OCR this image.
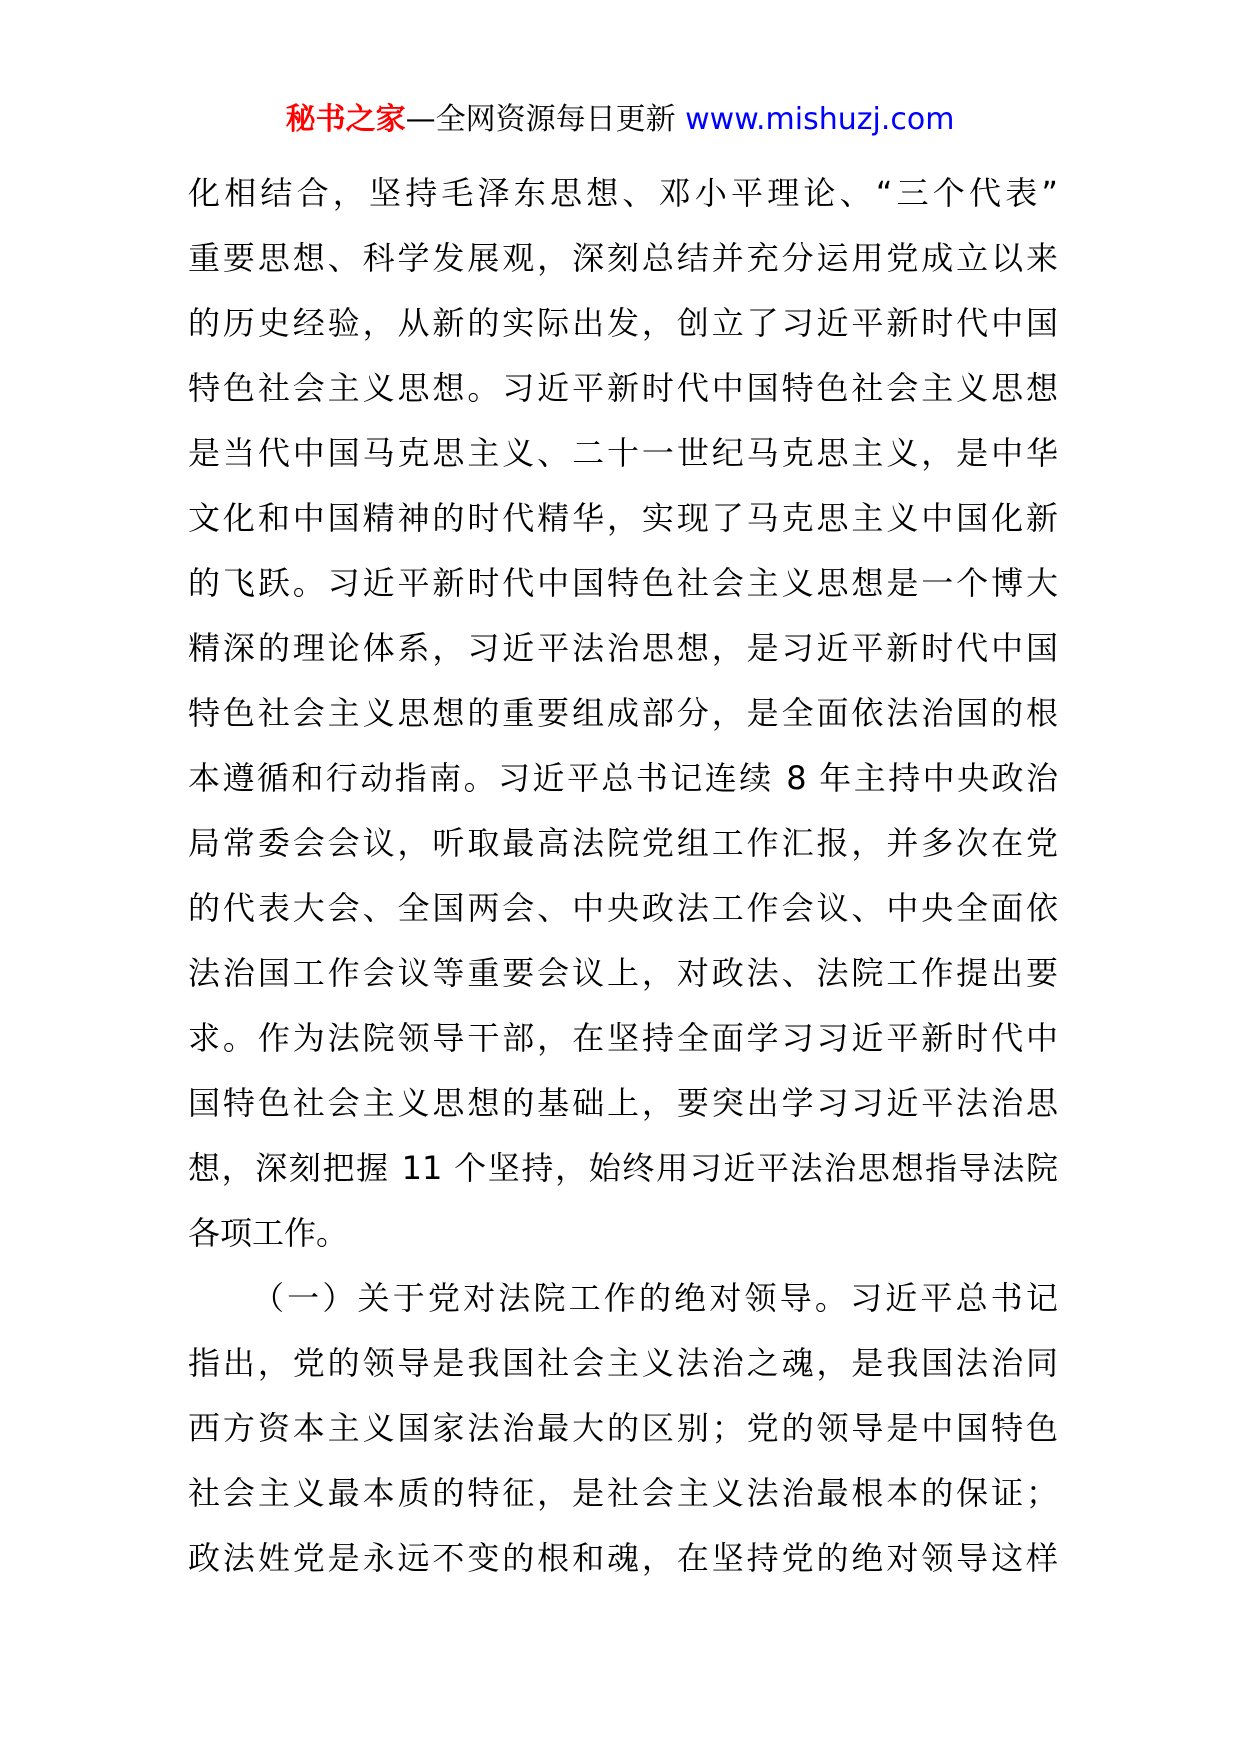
秘书之家—全网资源每日更新 www.mishuzj.com
化相结合，坚持毛泽东思想、邓小平理论、“三个代表”
重要思想、科学发展观，深刻总结并充分运用党成立以来
的历史经验，从新的实际出发，创立了习近平新时代中国
特色社会主义思想。习近平新时代中国特色社会主义思想
是当代中国马克思主义、二十一世纪马克思主义，是中华
文化和中国精神的时代精华，实现了马克思主义中国化新
的飞跃。习近平新时代中国特色社会主义思想是一个博大
精深的理论体系，习近平法治思想，是习近平新时代中国
特色社会主义思想的重要组成部分，是全面依法治国的根
本遵循和行动指南。习近平总书记连续 8 年主持中央政治
局常委会会议，听取最高法院党组工作汇报，并多次在党
的代表大会、全国两会、中央政法工作会议、中央全面依
法治国工作会议等重要会议上，对政法、法院工作提出要
求。作为法院领导干部，在坚持全面学习习近平新时代中
国特色社会主义思想的基础上，要突出学习习近平法治思
想，深刻把握 11 个坚持，始终用习近平法治思想指导法院
各项工作。
（一）关于党对法院工作的绝对领导。习近平总书记
指出，党的领导是我国社会主义法治之魂，是我国法治同
西方资本主义国家法治最大的区别；党的领导是中国特色
社会主义最本质的特征，是社会主义法治最根本的保证；
政法姓党是永远不变的根和魂，在坚持党的绝对领导这样
